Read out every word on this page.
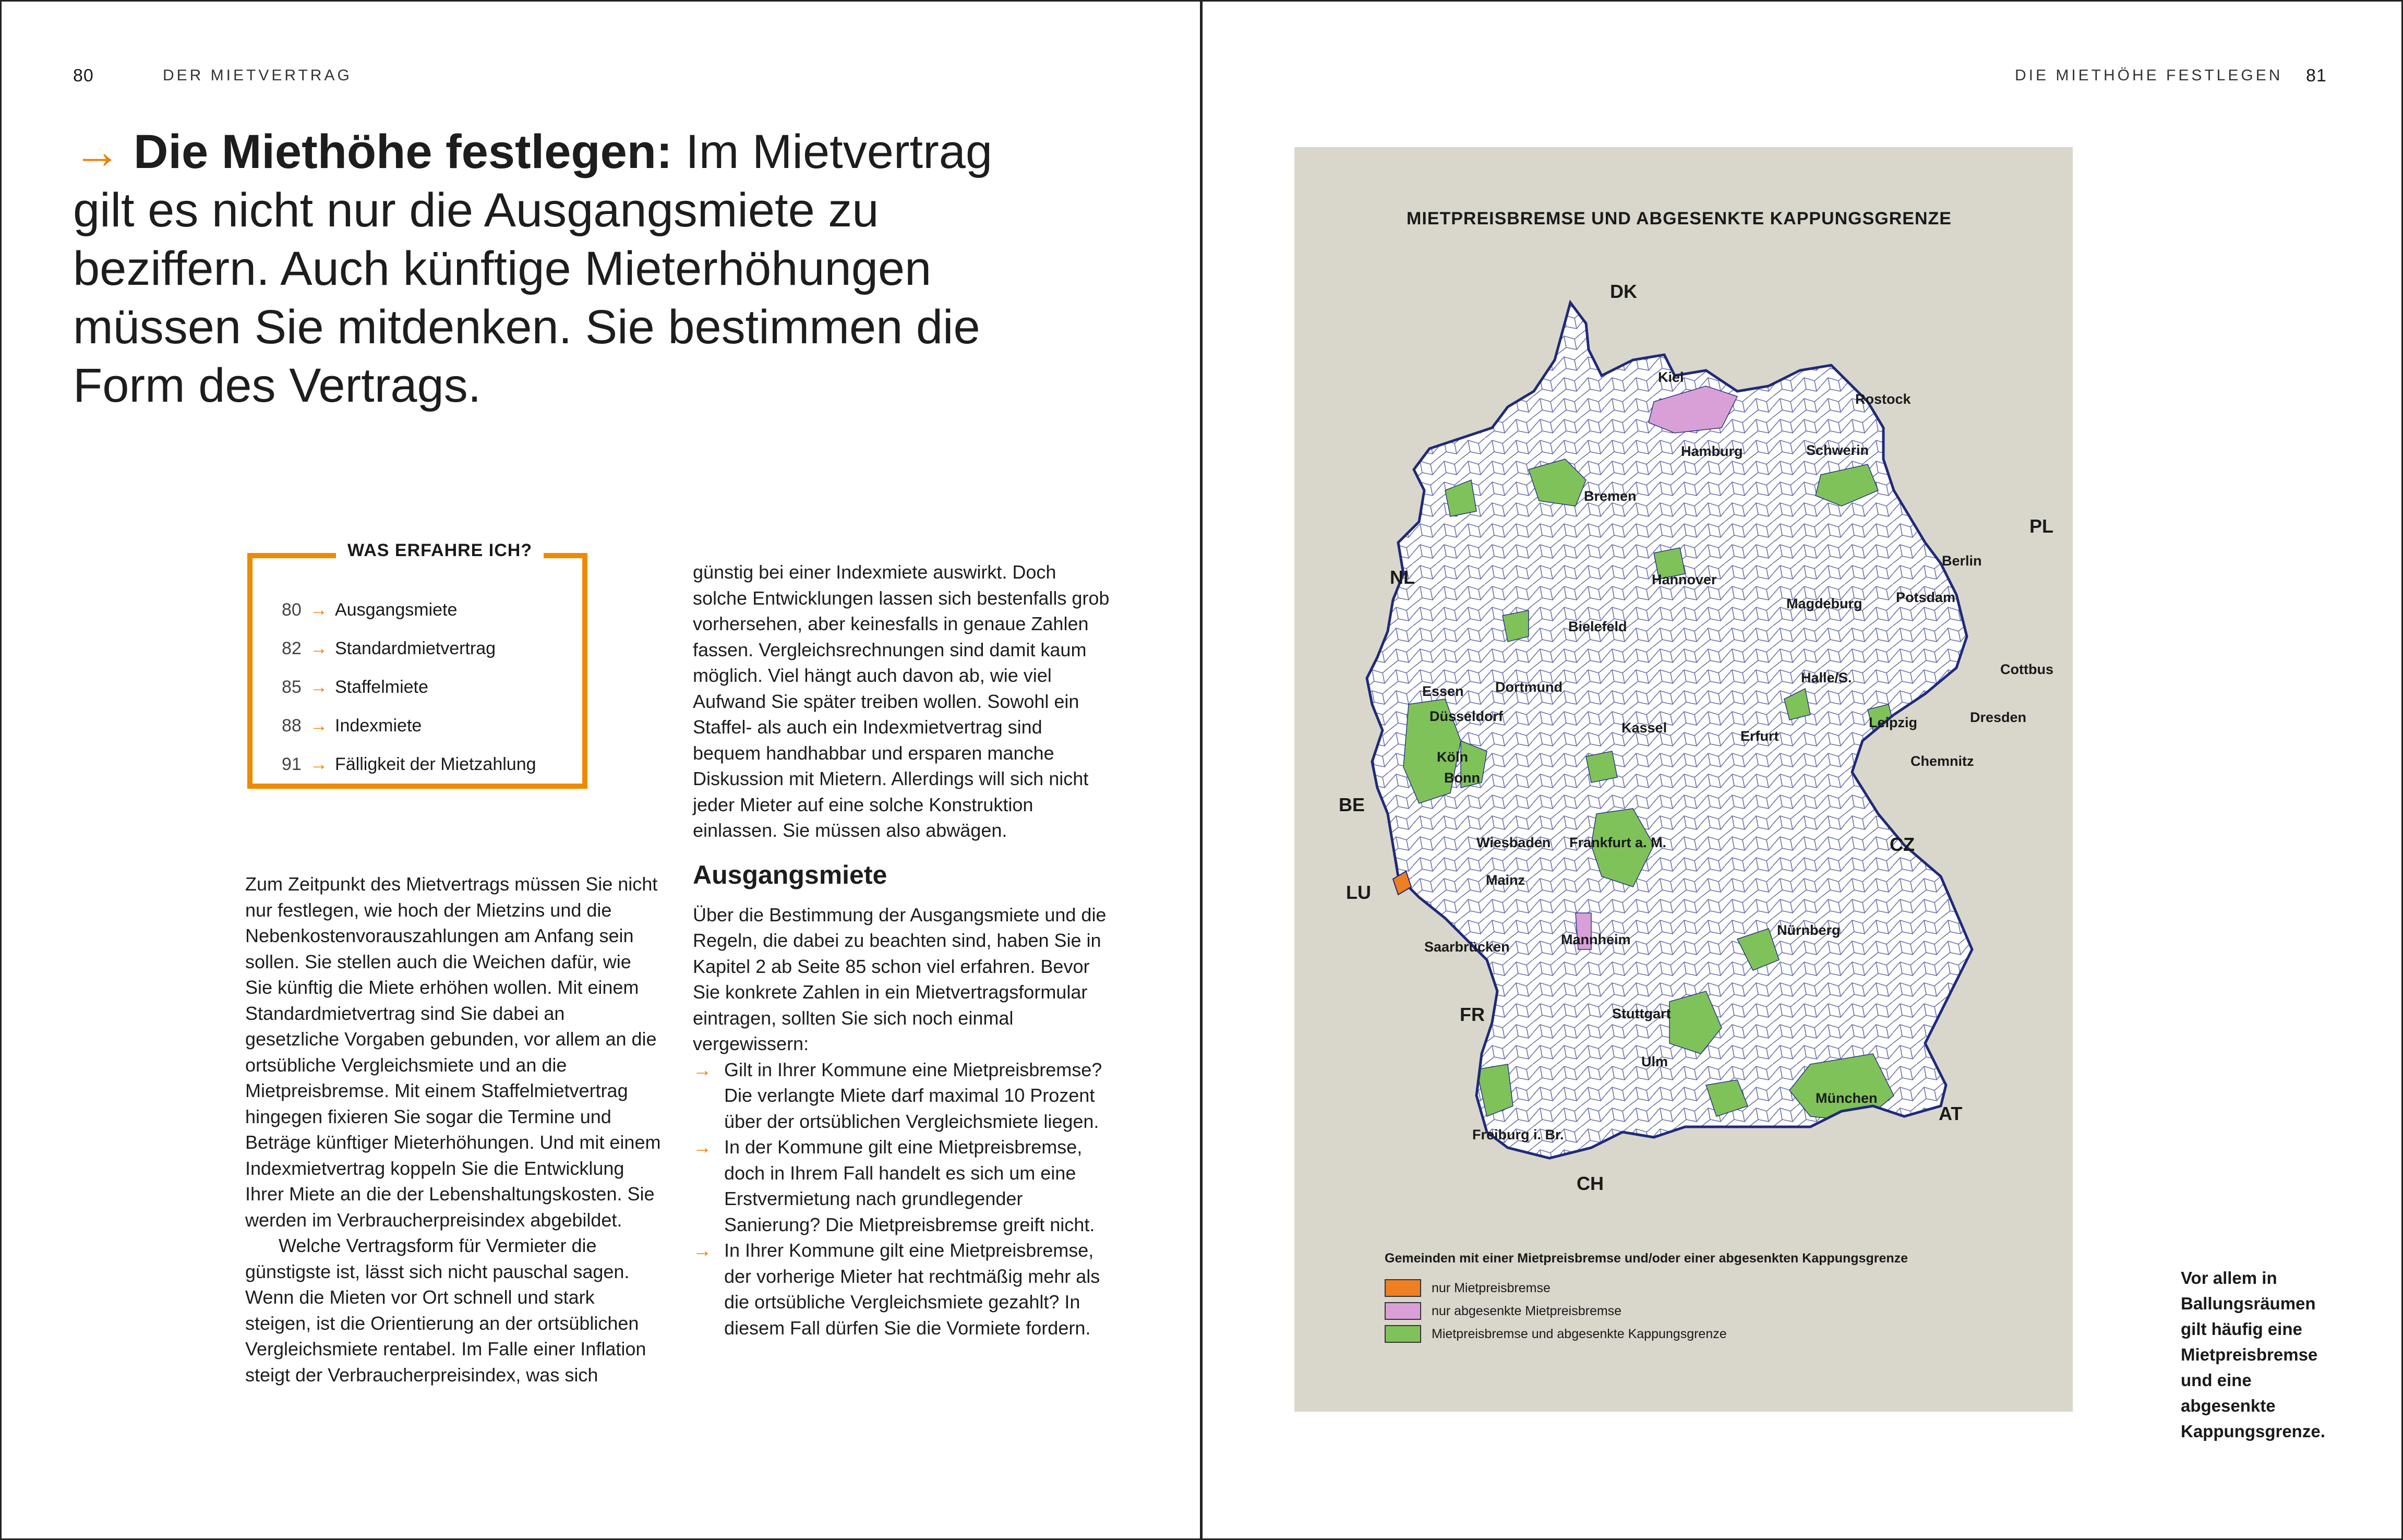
80	DER MIETVERTRAG
→ Die Miethöhe festlegen: Im Mietvertrag gilt es nicht nur die Ausgangsmiete zu beziffern. Auch künftige Mieterhöhungen müssen Sie mitdenken. Sie bestimmen die Form des Vertrags.
WAS ERFAHRE ICH?
80 → Ausgangsmiete
82 → Standardmietvertrag
85 → Staffelmiete
88 → Indexmiete
91 → Fälligkeit der Mietzahlung

Zum Zeitpunkt des Mietvertrags müssen Sie nicht nur festlegen, wie hoch der Mietzins und die Nebenkostenvorauszahlungen am Anfang sein sollen. Sie stellen auch die Weichen dafür, wie Sie künftig die Miete erhöhen wollen. Mit einem Standardmietvertrag sind Sie dabei an gesetzliche Vorgaben gebunden, vor allem an die ortsübliche Vergleichsmiete und an die Mietpreisbremse. Mit einem Staffelmietvertrag hingegen fixieren Sie sogar die Termine und Beträge künftiger Mieterhöhungen. Und mit einem Indexmietvertrag koppeln Sie die Entwicklung Ihrer Miete an die der Lebenshaltungskosten. Sie werden im Verbraucherpreisindex abgebildet.

Welche Vertragsform für Vermieter die günstigste ist, lässt sich nicht pauschal sagen. Wenn die Mieten vor Ort schnell und stark steigen, ist die Orientierung an der ortsüblichen Vergleichsmiete rentabel. Im Falle einer Inflation steigt der Verbraucherpreisindex, was sich

günstig bei einer Indexmiete auswirkt. Doch solche Entwicklungen lassen sich bestenfalls grob vorhersehen, aber keinesfalls in genaue Zahlen fassen. Vergleichsrechnungen sind damit kaum möglich. Viel hängt auch davon ab, wie viel Aufwand Sie später treiben wollen. Sowohl ein Staffel- als auch ein Indexmietvertrag sind bequem handhabbar und ersparen manche Diskussion mit Mietern. Allerdings will sich nicht jeder Mieter auf eine solche Konstruktion einlassen. Sie müssen also abwägen.

Ausgangsmiete

Über die Bestimmung der Ausgangsmiete und die Regeln, die dabei zu beachten sind, haben Sie in Kapitel 2 ab Seite 85 schon viel erfahren. Bevor Sie konkrete Zahlen in ein Mietvertragsformular eintragen, sollten Sie sich noch einmal vergewissern:

→ Gilt in Ihrer Kommune eine Mietpreisbremse? Die verlangte Miete darf maximal 10 Prozent über der ortsüblichen Vergleichsmiete liegen.
→ In der Kommune gilt eine Mietpreisbremse, doch in Ihrem Fall handelt es sich um eine Erstvermietung nach grundlegender Sanierung? Die Mietpreisbremse greift nicht.
→ In Ihrer Kommune gilt eine Mietpreisbremse, der vorherige Mieter hat rechtmäßig mehr als die ortsübliche Vergleichsmiete gezahlt? In diesem Fall dürfen Sie die Vormiete fordern.
DIE MIETHÖHE FESTLEGEN 81
MIETPREISBREMSE UND ABGESENKTE KAPPUNGSGRENZE
DK
NL
PL
BE
LU
CZ
FR
AT
CH
Kiel
Rostock
Hamburg	Schwerin
Bremen
Berlin
Hannover
Potsdam
Magdeburg
Bielefeld
Essen Dortmund
Cottbus
Halle/S.
Düsseldorf	Leipzig	Dresden
Kassel
Erfurt
Köln	Chemnitz
Bonn
Wiesbaden Frankfurt a. M.
Mainz
Mannheim
Nürnberg
Saarbrücken
Stuttgart
Ulm
München
Freiburg i. Br.
Gemeinden mit einer Mietpreisbremse und/oder einer abgesenkten Kappungsgrenze
nur Mietpreisbremse
nur abgesenkte Mietpreisbremse
Mietpreisbremse und abgesenkte Kappungsgrenze
Vor allem in Ballungsräumen gilt häufig eine Mietpreisbremse und eine abgesenkte Kappungsgrenze.
